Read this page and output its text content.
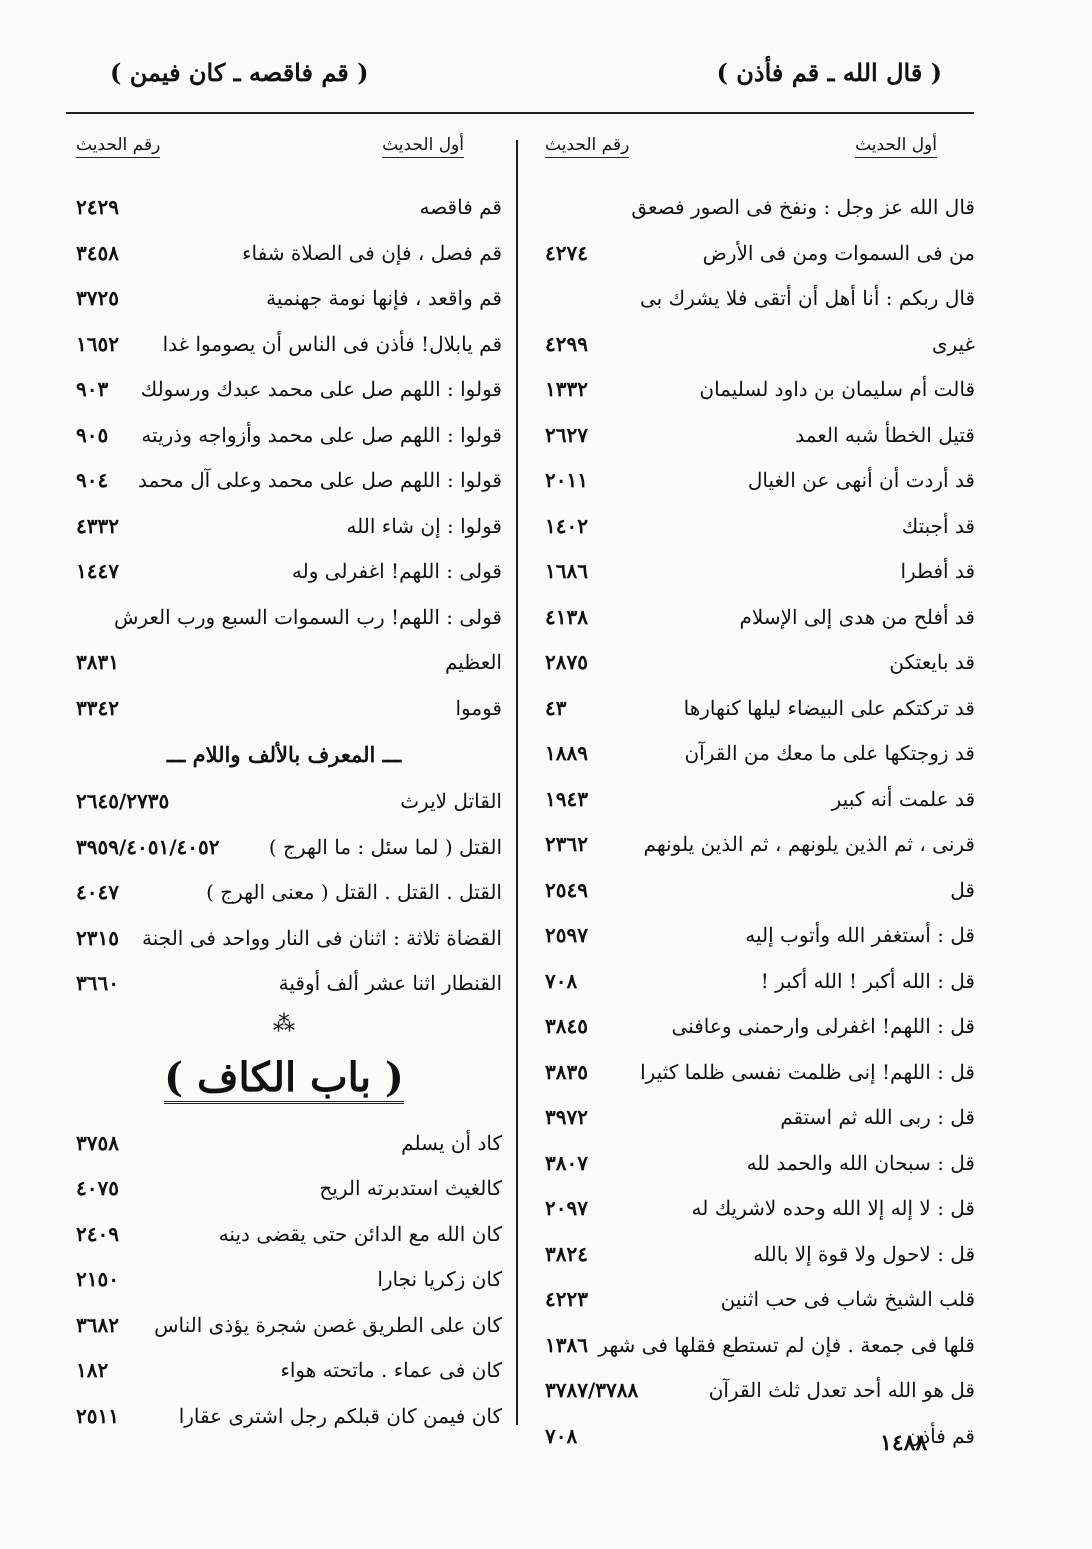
( قال الله ـ قم فأذن )
( قم فاقصه ـ كان فيمن )
أول الحديث
رقم الحديث
قال الله عز وجل : ونفخ فى الصور فصعق
من فى السموات ومن فى الأرض
٤٢٧٤
قال ربكم : أنا أهل أن أتقى فلا يشرك بى
غيرى
٤٢٩٩
قالت أم سليمان بن داود لسليمان
١٣٣٢
قتيل الخطأ شبه العمد
٢٦٢٧
قد أردت أن أنهى عن الغيال
٢٠١١
قد أجبتك
١٤٠٢
قد أفطرا
١٦٨٦
قد أفلح من هدى إلى الإسلام
٤١٣٨
قد بايعتكن
٢٨٧٥
قد تركتكم على البيضاء ليلها كنهارها
٤٣
قد زوجتكها على ما معك من القرآن
١٨٨٩
قد علمت أنه كبير
١٩٤٣
قرنى ، ثم الذين يلونهم ، ثم الذين يلونهم
٢٣٦٢
قل
٢٥٤٩
قل : أستغفر الله وأتوب إليه
٢٥٩٧
قل : الله أكبر ! الله أكبر !
٧٠٨
قل : اللهم! اغفرلى وارحمنى وعافنى
٣٨٤٥
قل : اللهم! إنى ظلمت نفسى ظلما كثيرا
٣٨٣٥
قل : ربى الله ثم استقم
٣٩٧٢
قل : سبحان الله والحمد لله
٣٨٠٧
قل : لا إله إلا الله وحده لاشريك له
٢٠٩٧
قل : لاحول ولا قوة إلا بالله
٣٨٢٤
قلب الشيخ شاب فى حب اثنين
٤٢٢٣
قلها فى جمعة . فإن لم تستطع فقلها فى شهر
١٣٨٦
قل هو الله أحد تعدل ثلث القرآن
٣٧٨٧/٣٧٨٨
قم فأذن
٧٠٨
أول الحديث
رقم الحديث
قم فاقصه
٢٤٢٩
قم فصل ، فإن فى الصلاة شفاء
٣٤٥٨
قم واقعد ، فإنها نومة جهنمية
٣٧٢٥
قم يابلال! فأذن فى الناس أن يصوموا غدا
١٦٥٢
قولوا : اللهم صل على محمد عبدك ورسولك
٩٠٣
قولوا : اللهم صل على محمد وأزواجه وذريته
٩٠٥
قولوا : اللهم صل على محمد وعلى آل محمد
٩٠٤
قولوا : إن شاء الله
٤٣٣٢
قولى : اللهم! اغفرلى وله
١٤٤٧
قولى : اللهم! رب السموات السبع ورب العرش
العظيم
٣٨٣١
قوموا
٣٣٤٢
ـــ المعرف بالألف واللام ـــ
القاتل لايرث
٢٦٤٥/٢٧٣٥
القتل ( لما سئل : ما الهرج )
٣٩٥٩/٤٠٥١/٤٠٥٢
القتل . القتل . القتل ( معنى الهرج )
٤٠٤٧
القضاة ثلاثة : اثنان فى النار وواحد فى الجنة
٢٣١٥
القنطار اثنا عشر ألف أوقية
٣٦٦٠
⁂
( باب الكاف )
كاد أن يسلم
٣٧٥٨
كالغيث استدبرته الريح
٤٠٧٥
كان الله مع الدائن حتى يقضى دينه
٢٤٠٩
كان زكريا نجارا
٢١٥٠
كان على الطريق غصن شجرة يؤذى الناس
٣٦٨٢
كان فى عماء . ماتحته هواء
١٨٢
كان فيمن كان قبلكم رجل اشترى عقارا
٢٥١١
١٤٨٨
